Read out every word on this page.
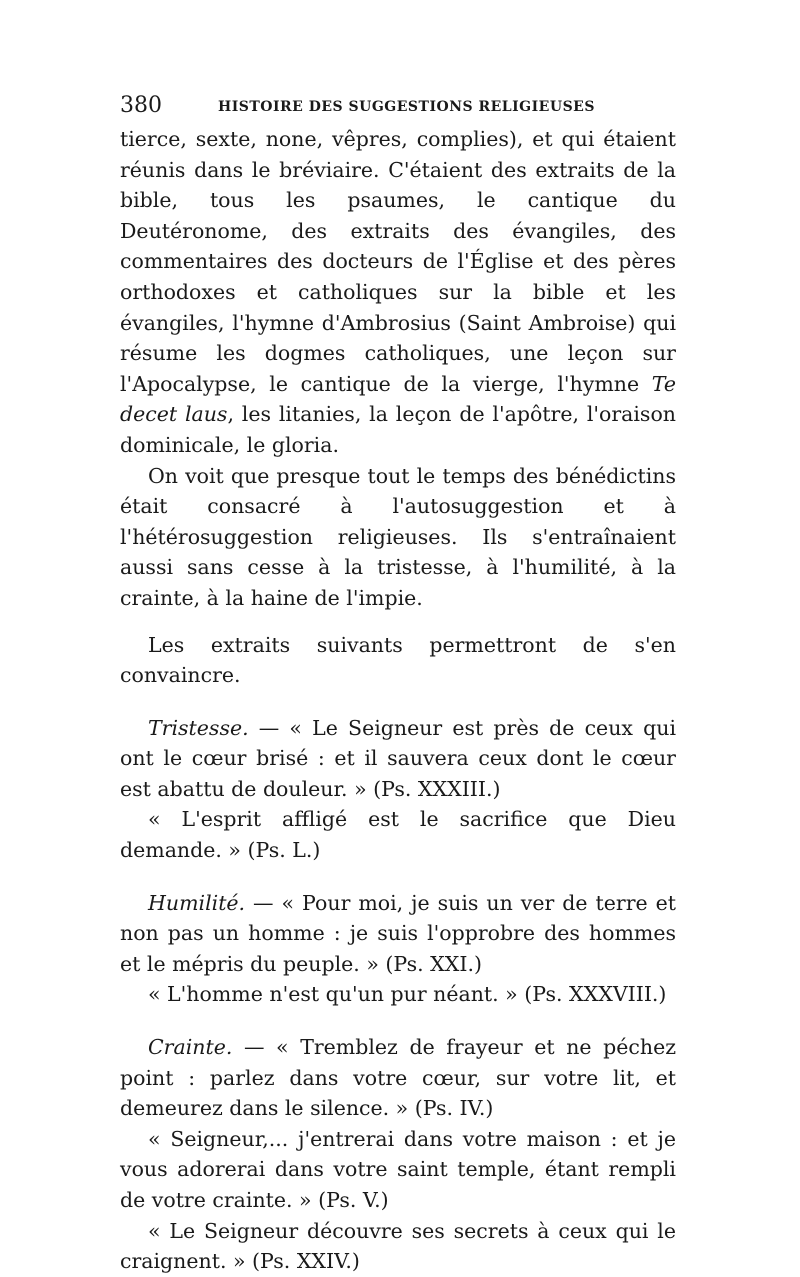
380	HISTOIRE DES SUGGESTIONS RELIGIEUSES

tierce, sexte, none, vêpres, complies), et qui étaient réunis dans le bréviaire. C'étaient des extraits de la bible, tous les psaumes, le cantique du Deutéronome, des extraits des évangiles, des commentaires des docteurs de l'Église et des pères orthodoxes et catholiques sur la bible et les évangiles, l'hymne d'Ambrosius (Saint Ambroise) qui résume les dogmes catholiques, une leçon sur l'Apocalypse, le cantique de la vierge, l'hymne Te decet laus, les litanies, la leçon de l'apôtre, l'oraison dominicale, le gloria.

On voit que presque tout le temps des bénédictins était consacré à l'autosuggestion et à l'hétérosuggestion religieuses. Ils s'entraînaient aussi sans cesse à la tristesse, à l'humilité, à la crainte, à la haine de l'impie.

Les extraits suivants permettront de s'en convaincre.

Tristesse. — « Le Seigneur est près de ceux qui ont le cœur brisé : et il sauvera ceux dont le cœur est abattu de douleur. » (Ps. XXXIII.)

« L'esprit affligé est le sacrifice que Dieu demande. » (Ps. L.)

Humilité. — « Pour moi, je suis un ver de terre et non pas un homme : je suis l'opprobre des hommes et le mépris du peuple. » (Ps. XXI.)

« L'homme n'est qu'un pur néant. » (Ps. XXXVIII.)

Crainte. — « Tremblez de frayeur et ne péchez point : parlez dans votre cœur, sur votre lit, et demeurez dans le silence. » (Ps. IV.)

« Seigneur,... j'entrerai dans votre maison : et je vous adorerai dans votre saint temple, étant rempli de votre crainte. » (Ps. V.)

« Le Seigneur découvre ses secrets à ceux qui le craignent. » (Ps. XXIV.)
